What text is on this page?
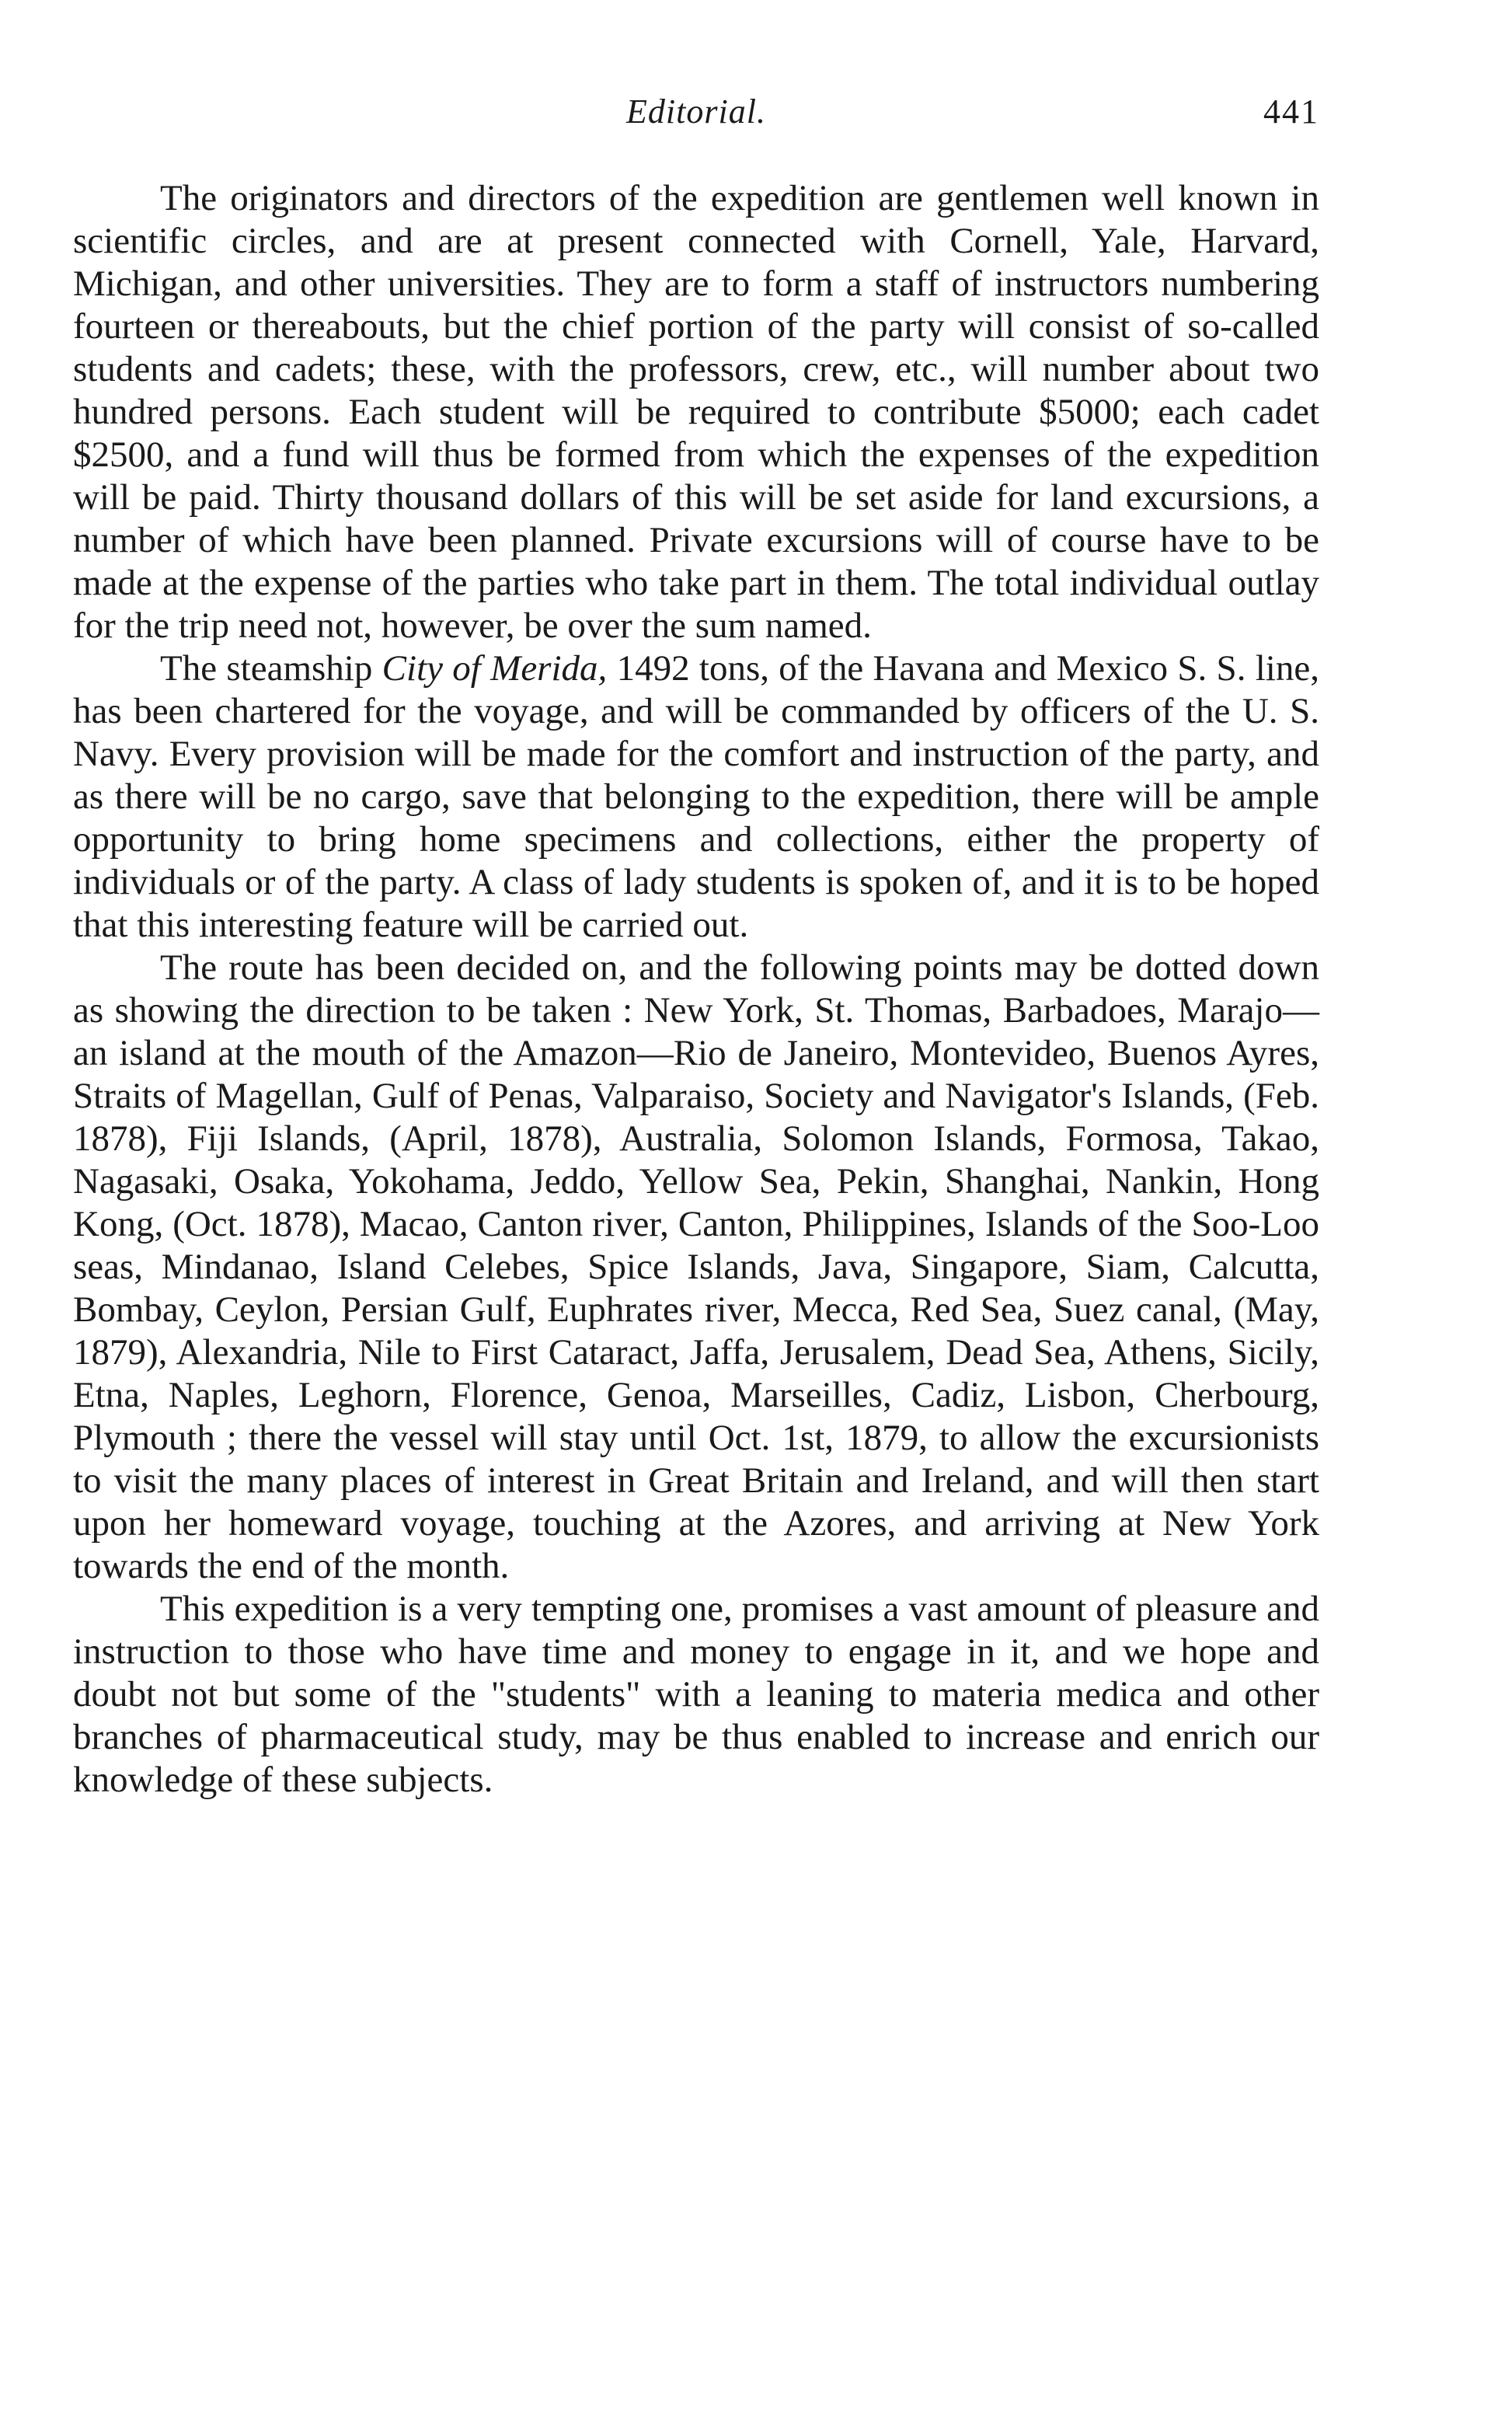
Editorial.	441

The originators and directors of the expedition are gentlemen well known in scientific circles, and are at present connected with Cornell, Yale, Harvard, Michigan, and other universities. They are to form a staff of instructors numbering fourteen or thereabouts, but the chief portion of the party will consist of so-called students and cadets; these, with the professors, crew, etc., will number about two hundred persons. Each student will be required to contribute $5000; each cadet $2500, and a fund will thus be formed from which the expenses of the expedition will be paid. Thirty thousand dollars of this will be set aside for land excursions, a number of which have been planned. Private excursions will of course have to be made at the expense of the parties who take part in them. The total individual outlay for the trip need not, however, be over the sum named.

The steamship City of Merida, 1492 tons, of the Havana and Mexico S. S. line, has been chartered for the voyage, and will be commanded by officers of the U. S. Navy. Every provision will be made for the comfort and instruction of the party, and as there will be no cargo, save that belonging to the expedition, there will be ample opportunity to bring home specimens and collections, either the property of individuals or of the party. A class of lady students is spoken of, and it is to be hoped that this interesting feature will be carried out.

The route has been decided on, and the following points may be dotted down as showing the direction to be taken : New York, St. Thomas, Barbadoes, Marajo—an island at the mouth of the Amazon—Rio de Janeiro, Montevideo, Buenos Ayres, Straits of Magellan, Gulf of Penas, Valparaiso, Society and Navigator's Islands, (Feb. 1878), Fiji Islands, (April, 1878), Australia, Solomon Islands, Formosa, Takao, Nagasaki, Osaka, Yokohama, Jeddo, Yellow Sea, Pekin, Shanghai, Nankin, Hong Kong, (Oct. 1878), Macao, Canton river, Canton, Philippines, Islands of the Soo-Loo seas, Mindanao, Island Celebes, Spice Islands, Java, Singapore, Siam, Calcutta, Bombay, Ceylon, Persian Gulf, Euphrates river, Mecca, Red Sea, Suez canal, (May, 1879), Alexandria, Nile to First Cataract, Jaffa, Jerusalem, Dead Sea, Athens, Sicily, Etna, Naples, Leghorn, Florence, Genoa, Marseilles, Cadiz, Lisbon, Cherbourg, Plymouth ; there the vessel will stay until Oct. 1st, 1879, to allow the excursionists to visit the many places of interest in Great Britain and Ireland, and will then start upon her homeward voyage, touching at the Azores, and arriving at New York towards the end of the month.

This expedition is a very tempting one, promises a vast amount of pleasure and instruction to those who have time and money to engage in it, and we hope and doubt not but some of the "students" with a leaning to materia medica and other branches of pharmaceutical study, may be thus enabled to increase and enrich our knowledge of these subjects.
